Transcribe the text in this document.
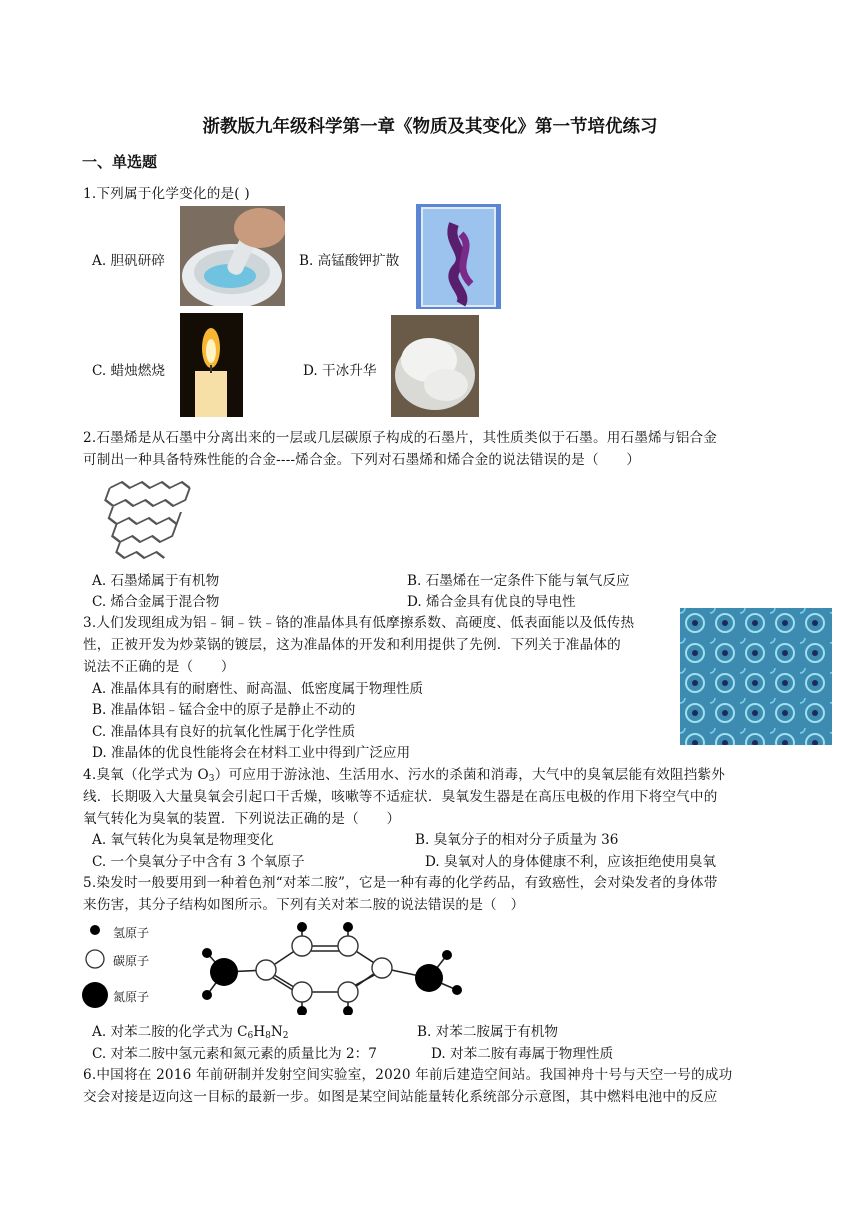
浙教版九年级科学第一章《物质及其变化》第一节培优练习
一、单选题
1.下列属于化学变化的是( )
A. 胆矾研碎	B. 高锰酸钾扩散
C. 蜡烛燃烧	D. 干冰升华
2.石墨烯是从石墨中分离出来的一层或几层碳原子构成的石墨片，其性质类似于石墨。用石墨烯与铝合金
可制出一种具备特殊性能的合金----烯合金。下列对石墨烯和烯合金的说法错误的是（　　）
A. 石墨烯属于有机物	B. 石墨烯在一定条件下能与氧气反应
C. 烯合金属于混合物	D. 烯合金具有优良的导电性
3.人们发现组成为铝﹣铜﹣铁﹣铬的准晶体具有低摩擦系数、高硬度、低表面能以及低传热
性，正被开发为炒菜锅的镀层，这为准晶体的开发和利用提供了先例．下列关于准晶体的
说法不正确的是（　　）
A. 准晶体具有的耐磨性、耐高温、低密度属于物理性质
B. 准晶体铝﹣锰合金中的原子是静止不动的
C. 准晶体具有良好的抗氧化性属于化学性质
D. 准晶体的优良性能将会在材料工业中得到广泛应用
4.臭氧（化学式为 $O_3$）可应用于游泳池、生活用水、污水的杀菌和消毒，大气中的臭氧层能有效阻挡紫外
线．长期吸入大量臭氧会引起口干舌燥，咳嗽等不适症状．臭氧发生器是在高压电极的作用下将空气中的
氧气转化为臭氧的装置．下列说法正确的是（　　）
A. 氧气转化为臭氧是物理变化	B. 臭氧分子的相对分子质量为 36
C. 一个臭氧分子中含有 3 个氧原子	D. 臭氧对人的身体健康不利，应该拒绝使用臭氧
5.染发时一般要用到一种着色剂“对苯二胺”，它是一种有毒的化学药品，有致癌性，会对染发者的身体带
来伤害，其分子结构如图所示。下列有关对苯二胺的说法错误的是（　）
氢原子
碳原子
氮原子
A. 对苯二胺的化学式为 $C_6H_8N_2$	B. 对苯二胺属于有机物
C. 对苯二胺中氢元素和氮元素的质量比为 2：7	D. 对苯二胺有毒属于物理性质
6.中国将在 2016 年前研制并发射空间实验室，2020 年前后建造空间站。我国神舟十号与天空一号的成功
交会对接是迈向这一目标的最新一步。如图是某空间站能量转化系统部分示意图，其中燃料电池中的反应
